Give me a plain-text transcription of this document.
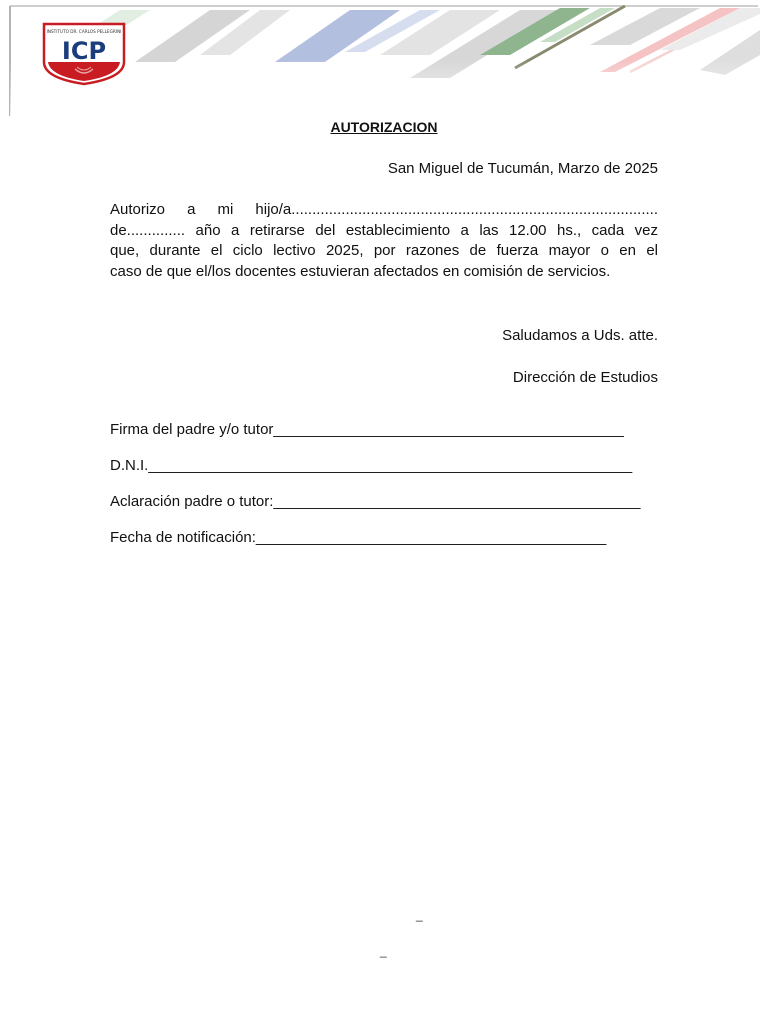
INSTITUTO DR. CARLOS PELLEGRINI
ICP
AUTORIZACION
San Miguel de Tucumán, Marzo de 2025
Autorizo a mi hijo/a........................................................................................
de.............. año a retirarse del establecimiento a las 12.00 hs., cada vez
que, durante el ciclo lectivo 2025, por razones de fuerza mayor o en el
caso de que el/los docentes estuvieran afectados en comisión de servicios.
Saludamos a Uds. atte.
Dirección de Estudios
Firma del padre y/o tutor __________________________________________
D.N.I. __________________________________________________________
Aclaración padre o tutor: ____________________________________________
Fecha de notificación: __________________________________________
_
_
